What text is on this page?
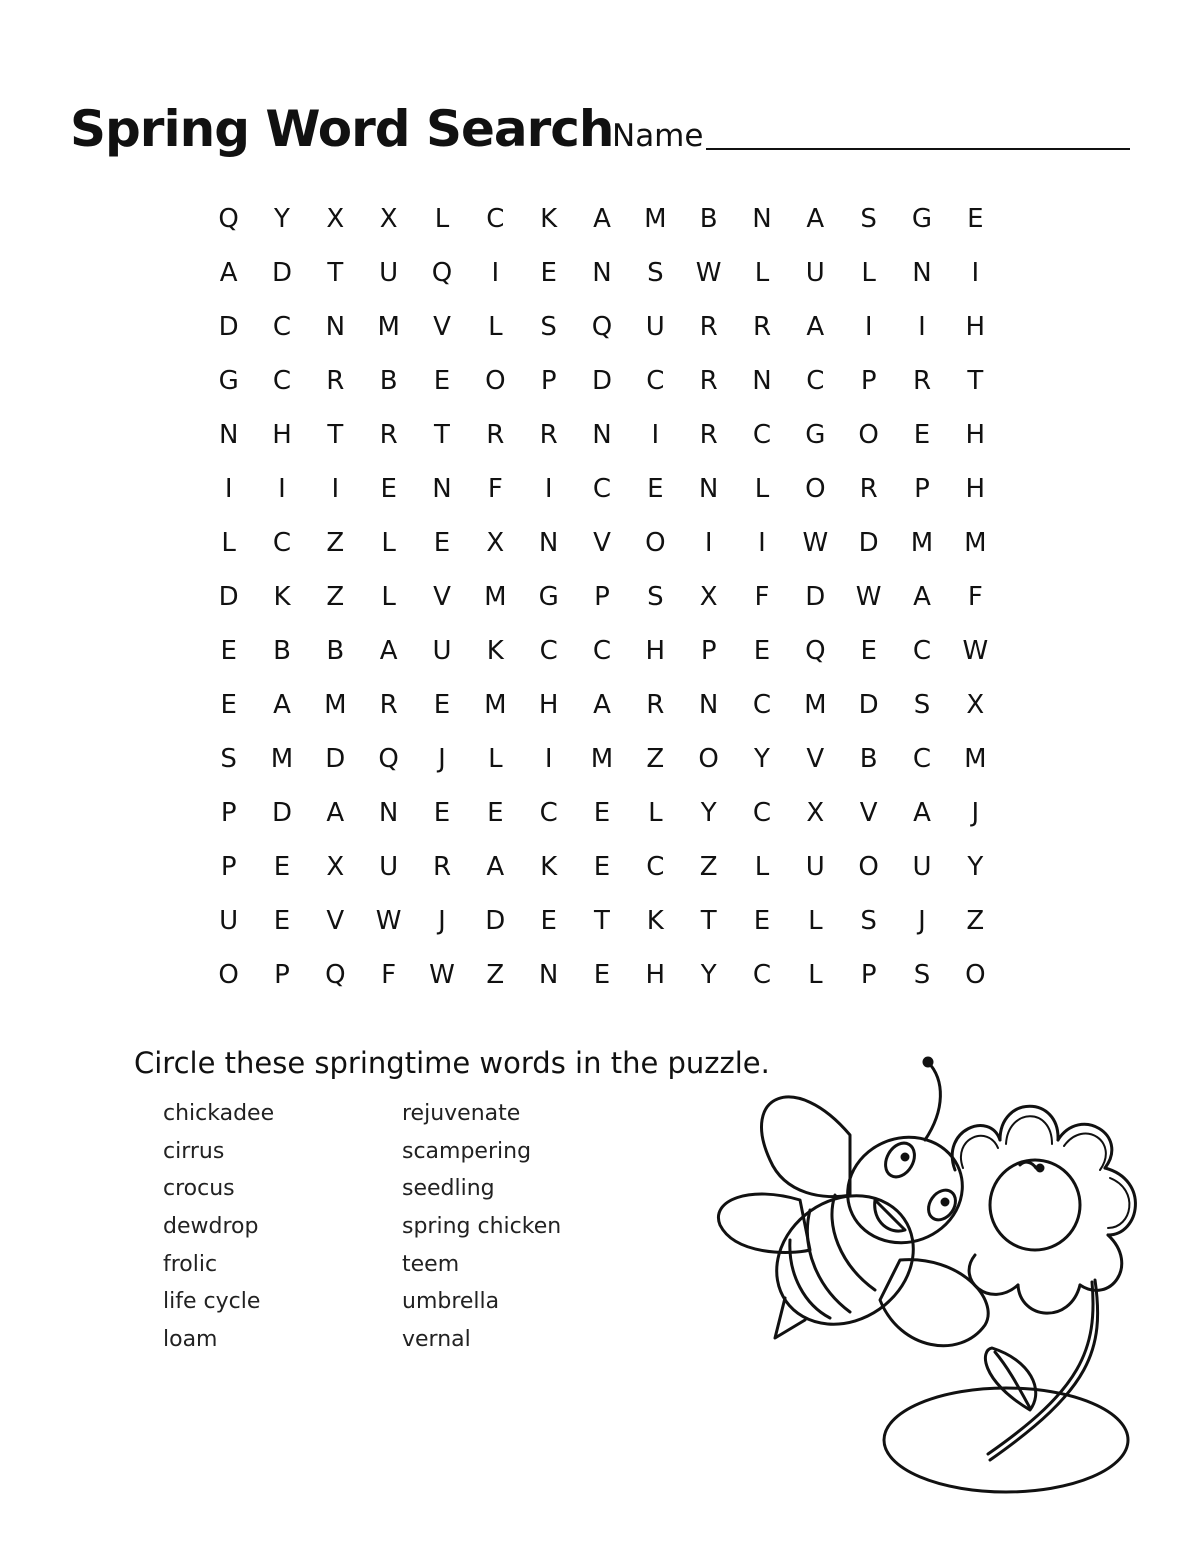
Spring Word Search
Name
Q	Y	X	X	L	C	K	A	M	B	N	A	S	G	E
A	D	T	U	Q	I	E	N	S	W	L	U	L	N	I
D	C	N	M	V	L	S	Q	U	R	R	A	I	I	H
G	C	R	B	E	O	P	D	C	R	N	C	P	R	T
N	H	T	R	T	R	R	N	I	R	C	G	O	E	H
I	I	I	E	N	F	I	C	E	N	L	O	R	P	H
L	C	Z	L	E	X	N	V	O	I	I	W	D	M	M
D	K	Z	L	V	M	G	P	S	X	F	D	W	A	F
E	B	B	A	U	K	C	C	H	P	E	Q	E	C	W
E	A	M	R	E	M	H	A	R	N	C	M	D	S	X
S	M	D	Q	J	L	I	M	Z	O	Y	V	B	C	M
P	D	A	N	E	E	C	E	L	Y	C	X	V	A	J
P	E	X	U	R	A	K	E	C	Z	L	U	O	U	Y
U	E	V	W	J	D	E	T	K	T	E	L	S	J	Z
O	P	Q	F	W	Z	N	E	H	Y	C	L	P	S	O

Circle these springtime words in the puzzle.

chickadee
cirrus
crocus
dewdrop
frolic
life cycle
loam
rejuvenate
scampering
seedling
spring chicken
teem
umbrella
vernal
